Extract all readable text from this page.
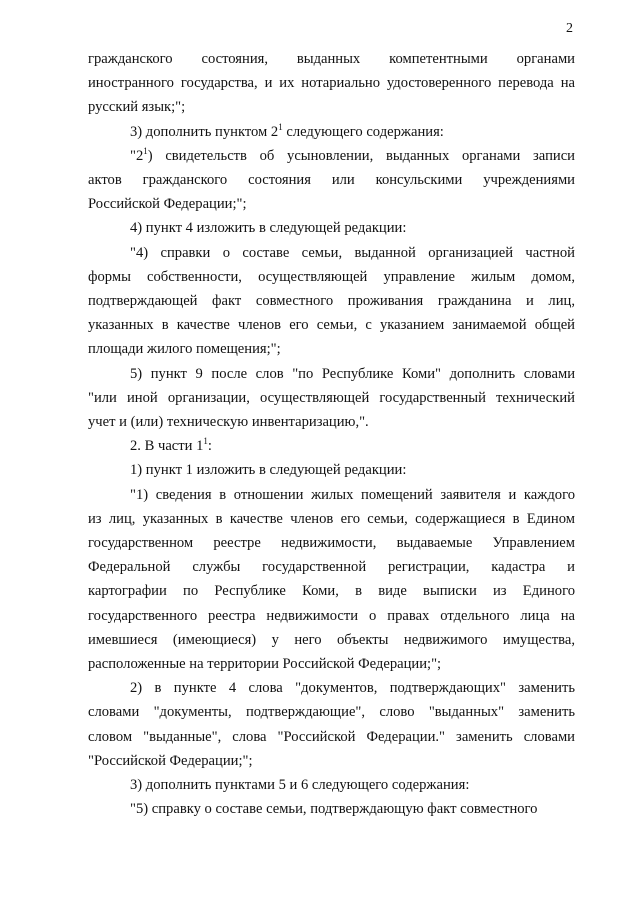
2
гражданского состояния, выданных компетентными органами
иностранного государства, и их нотариально удостоверенного перевода на
русский язык;";
3) дополнить пунктом $2^1$ следующего содержания:
"$2^1$) свидетельств об усыновлении, выданных органами записи
актов гражданского состояния или консульскими учреждениями
Российской Федерации;";
4) пункт 4 изложить в следующей редакции:
"4) справки о составе семьи, выданной организацией частной
формы собственности, осуществляющей управление жилым домом,
подтверждающей факт совместного проживания гражданина и лиц,
указанных в качестве членов его семьи, с указанием занимаемой общей
площади жилого помещения;";
5) пункт 9 после слов "по Республике Коми" дополнить словами
"или иной организации, осуществляющей государственный технический
учет и (или) техническую инвентаризацию,".
2. В части $1^1$:
1) пункт 1 изложить в следующей редакции:
"1) сведения в отношении жилых помещений заявителя и каждого
из лиц, указанных в качестве членов его семьи, содержащиеся в Едином
государственном реестре недвижимости, выдаваемые Управлением
Федеральной службы государственной регистрации, кадастра и
картографии по Республике Коми, в виде выписки из Единого
государственного реестра недвижимости о правах отдельного лица на
имевшиеся (имеющиеся) у него объекты недвижимого имущества,
расположенные на территории Российской Федерации;";
2) в пункте 4 слова "документов, подтверждающих" заменить
словами "документы, подтверждающие", слово "выданных" заменить
словом "выданные", слова "Российской Федерации." заменить словами
"Российской Федерации;";
3) дополнить пунктами 5 и 6 следующего содержания:
"5) справку о составе семьи, подтверждающую факт совместного
